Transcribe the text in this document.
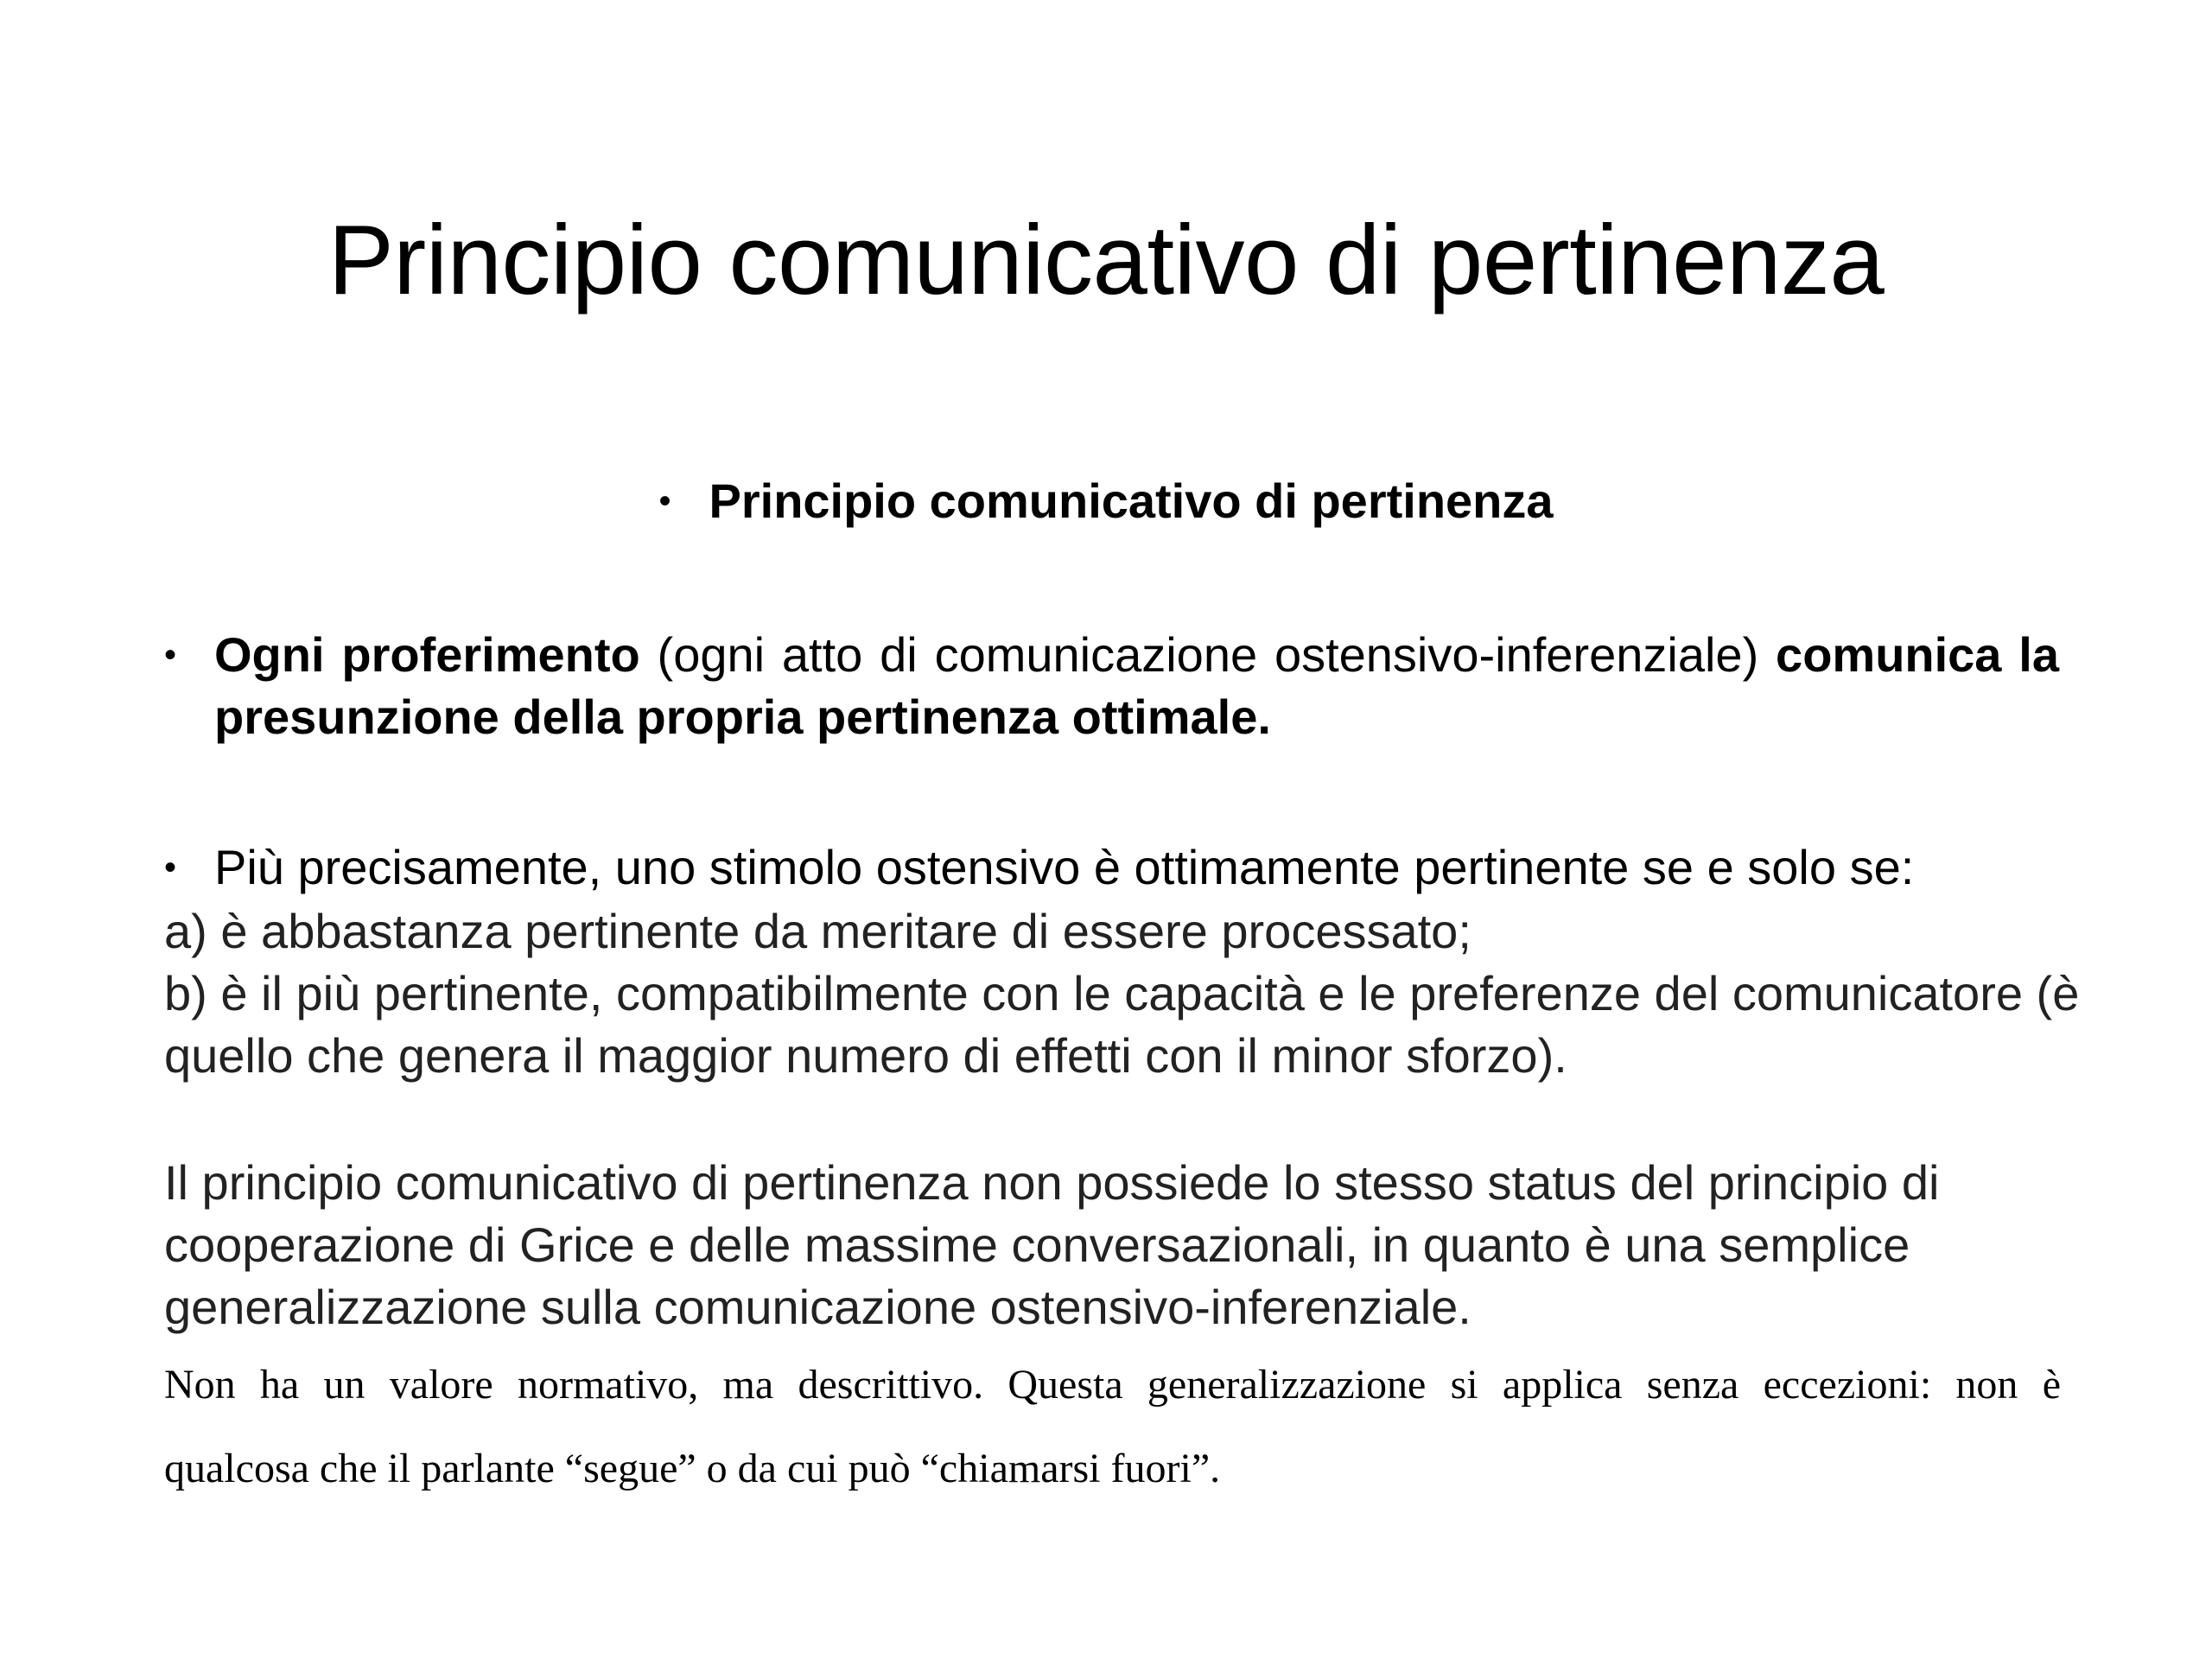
Principio comunicativo di pertinenza
• Principio comunicativo di pertinenza
• Ogni proferimento (ogni atto di comunicazione ostensivo-inferenziale) comunica la presunzione della propria pertinenza ottimale.
• Più precisamente, uno stimolo ostensivo è ottimamente pertinente se e solo se:
a) è abbastanza pertinente da meritare di essere processato;
b) è il più pertinente, compatibilmente con le capacità e le preferenze del comunicatore (è quello che genera il maggior numero di effetti con il minor sforzo).
Il principio comunicativo di pertinenza non possiede lo stesso status del principio di cooperazione di Grice e delle massime conversazionali, in quanto è una semplice generalizzazione sulla comunicazione ostensivo-inferenziale.
Non ha un valore normativo, ma descrittivo. Questa generalizzazione si applica senza eccezioni: non è
qualcosa che il parlante “segue” o da cui può “chiamarsi fuori”.
